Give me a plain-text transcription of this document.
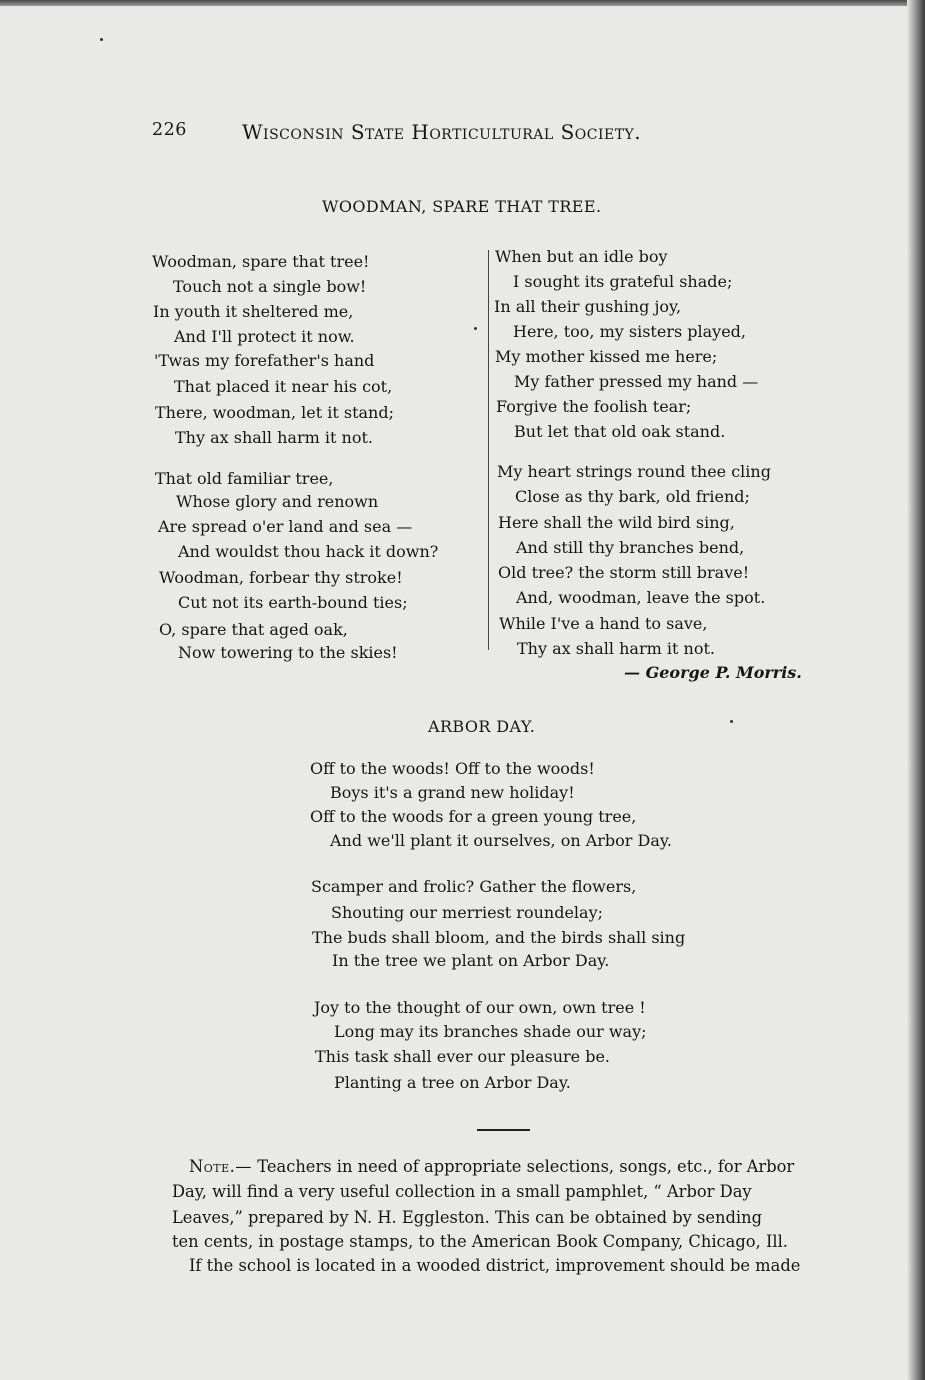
226	Wisconsin State Horticultural Society.
WOODMAN, SPARE THAT TREE.
Woodman, spare that tree!
Touch not a single bow!
In youth it sheltered me,
And I'll protect it now.
'Twas my forefather's hand
That placed it near his cot,
There, woodman, let it stand;
Thy ax shall harm it not.
That old familiar tree,
Whose glory and renown
Are spread o'er land and sea —
And wouldst thou hack it down?
Woodman, forbear thy stroke!
Cut not its earth-bound ties;
O, spare that aged oak,
Now towering to the skies!
When but an idle boy
I sought its grateful shade;
In all their gushing joy,
Here, too, my sisters played,
My mother kissed me here;
My father pressed my hand —
Forgive the foolish tear;
But let that old oak stand.
My heart strings round thee cling
Close as thy bark, old friend;
Here shall the wild bird sing,
And still thy branches bend,
Old tree? the storm still brave!
And, woodman, leave the spot.
While I've a hand to save,
Thy ax shall harm it not.
— George P. Morris.
ARBOR DAY.
Off to the woods! Off to the woods!
Boys it's a grand new holiday!
Off to the woods for a green young tree,
And we'll plant it ourselves, on Arbor Day.
Scamper and frolic? Gather the flowers,
Shouting our merriest roundelay;
The buds shall bloom, and the birds shall sing
In the tree we plant on Arbor Day.
Joy to the thought of our own, own tree !
Long may its branches shade our way;
This task shall ever our pleasure be.
Planting a tree on Arbor Day.
Note.— Teachers in need of appropriate selections, songs, etc., for Arbor
Day, will find a very useful collection in a small pamphlet, “ Arbor Day
Leaves,” prepared by N. H. Eggleston. This can be obtained by sending
ten cents, in postage stamps, to the American Book Company, Chicago, Ill.
If the school is located in a wooded district, improvement should be made
